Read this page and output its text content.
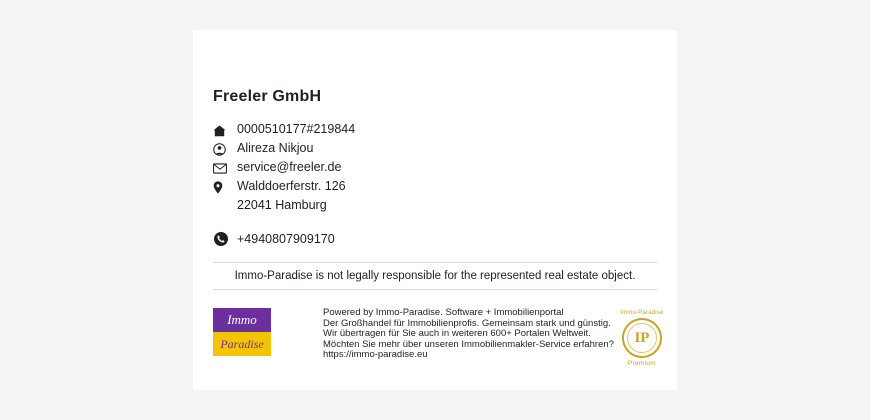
Freeler GmbH
0000510177#219844
Alireza Nikjou
service@freeler.de
Walddoerferstr. 126
22041 Hamburg
+4940807909170
Immo-Paradise is not legally responsible for the represented real estate object.
Immo
Paradise
Powered by Immo-Paradise. Software + Immobilienportal
Der Großhandel für Immobilienprofis. Gemeinsam stark und günstig.
Wir übertragen für Sie auch in weiteren 600+ Portalen Weltweit.
Möchten Sie mehr über unseren Immobilienmakler-Service erfahren?
https://immo-paradise.eu
Immo-Paradise
IP
Premium
